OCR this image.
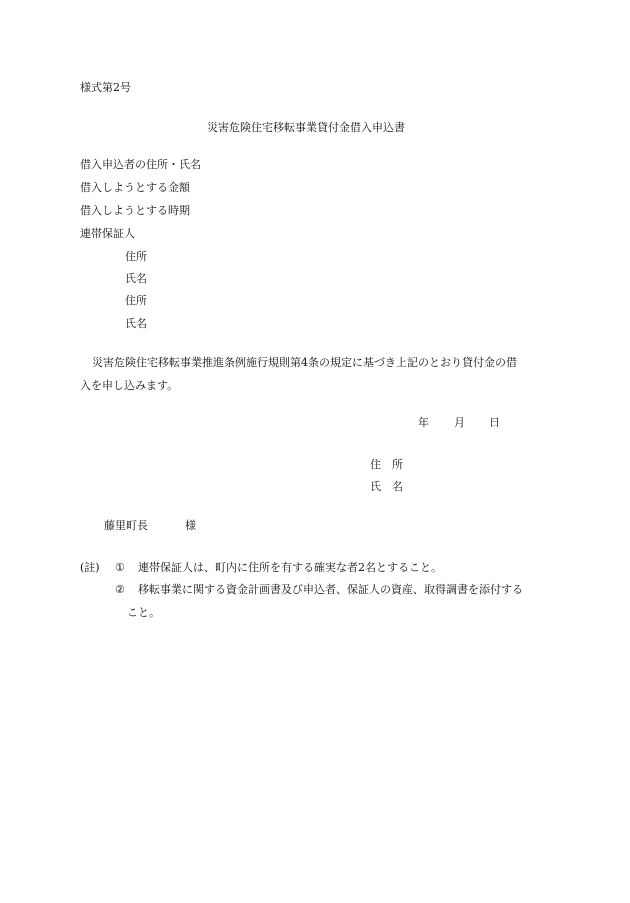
様式第2号
災害危険住宅移転事業貸付金借入申込書
借入申込者の住所・氏名
借入しようとする金額
借入しようとする時期
連帯保証人
住所
氏名
住所
氏名
災害危険住宅移転事業推進条例施行規則第4条の規定に基づき上記のとおり貸付金の借
入を申し込みます。
年 月 日
住　所
氏　名
藤里町長	様
(註) ① 連帯保証人は、町内に住所を有する確実な者2名とすること。
② 移転事業に関する資金計画書及び申込者、保証人の資産、取得調書を添付する
こと。
